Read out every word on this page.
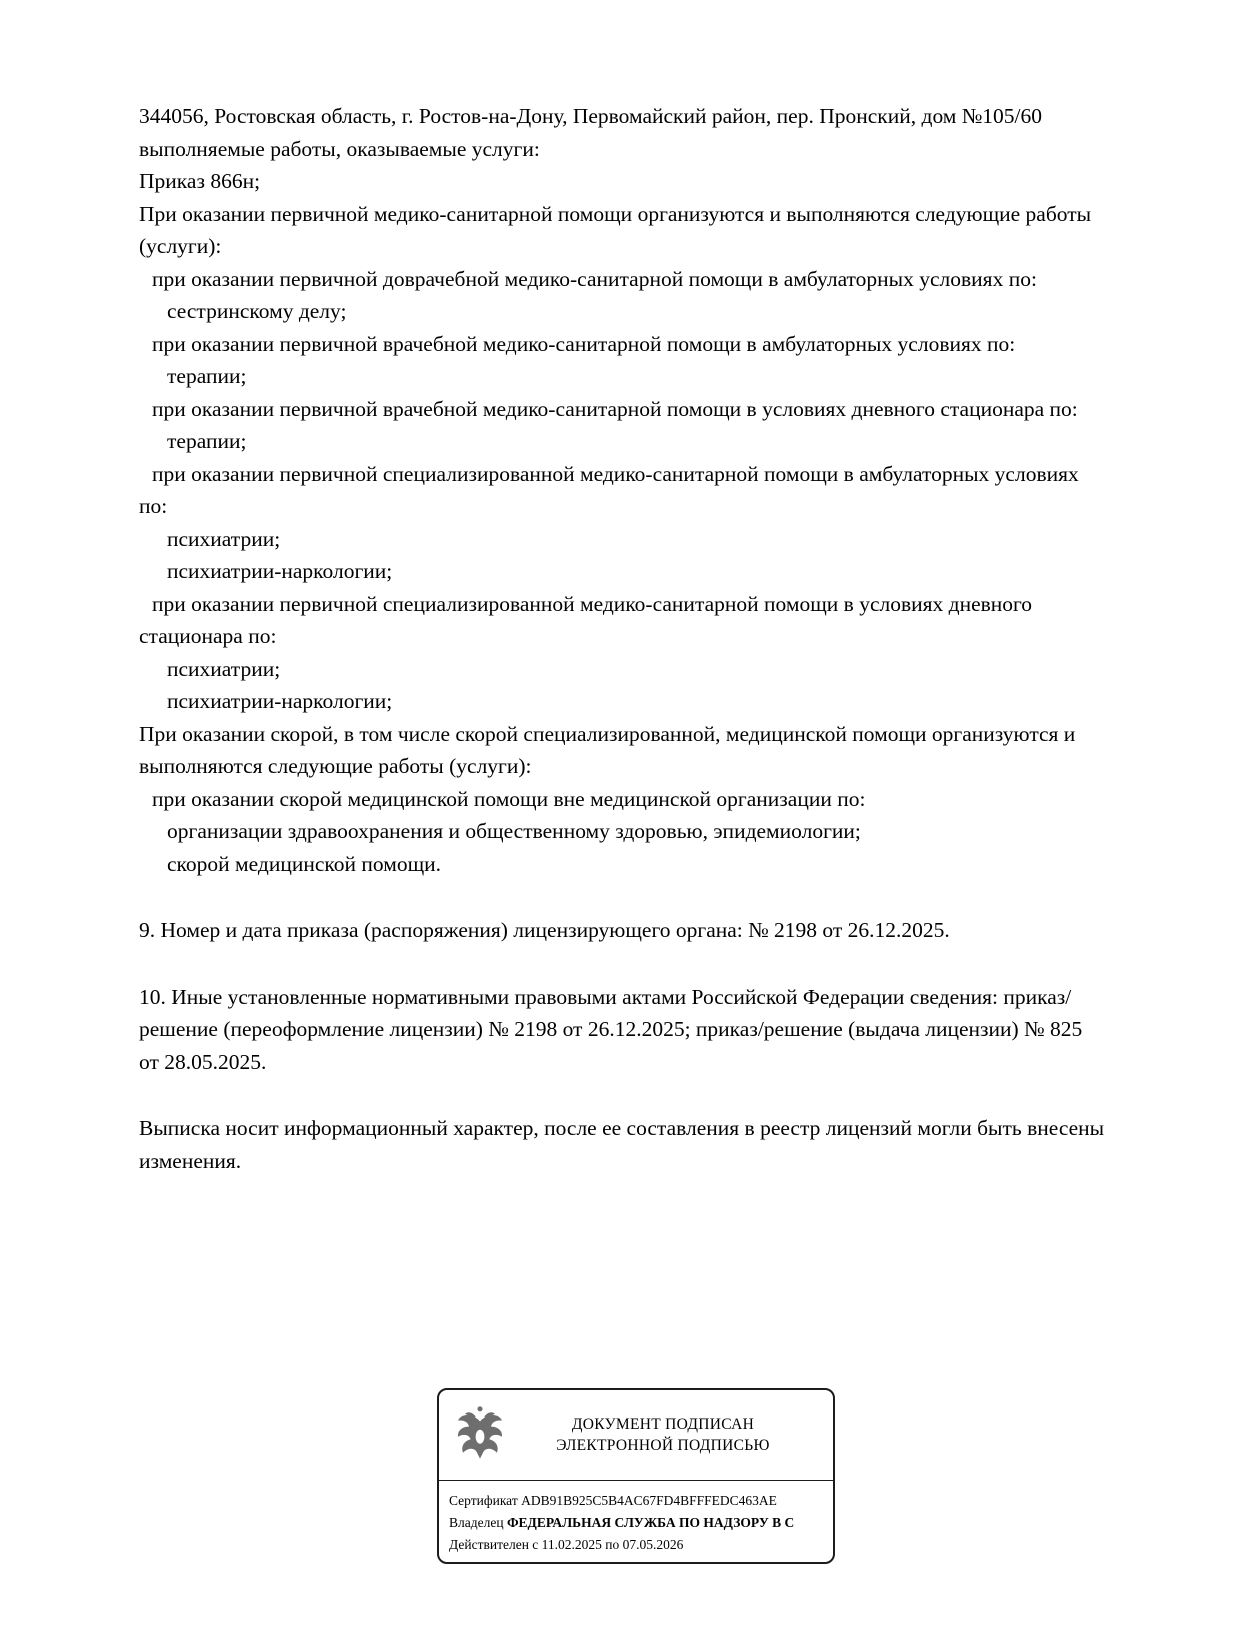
344056, Ростовская область, г. Ростов-на-Дону, Первомайский район, пер. Пронский, дом №105/60
выполняемые работы, оказываемые услуги:
Приказ 866н;
При оказании первичной медико-санитарной помощи организуются и выполняются следующие работы (услуги):
при оказании первичной доврачебной медико-санитарной помощи в амбулаторных условиях по:
сестринскому делу;
при оказании первичной врачебной медико-санитарной помощи в амбулаторных условиях по:
терапии;
при оказании первичной врачебной медико-санитарной помощи в условиях дневного стационара по:
терапии;
при оказании первичной специализированной медико-санитарной помощи в амбулаторных условиях по:
психиатрии;
психиатрии-наркологии;
при оказании первичной специализированной медико-санитарной помощи в условиях дневного стационара по:
психиатрии;
психиатрии-наркологии;
При оказании скорой, в том числе скорой специализированной, медицинской помощи организуются и выполняются следующие работы (услуги):
при оказании скорой медицинской помощи вне медицинской организации по:
организации здравоохранения и общественному здоровью, эпидемиологии;
скорой медицинской помощи.

9. Номер и дата приказа (распоряжения) лицензирующего органа: № 2198 от 26.12.2025.

10. Иные установленные нормативными правовыми актами Российской Федерации сведения: приказ/решение (переоформление лицензии) № 2198 от 26.12.2025; приказ/решение (выдача лицензии) № 825 от 28.05.2025.

Выписка носит информационный характер, после ее составления в реестр лицензий могли быть внесены изменения.

ДОКУМЕНТ ПОДПИСАН
ЭЛЕКТРОННОЙ ПОДПИСЬЮ
Сертификат ADB91B925C5B4AC67FD4BFFFEDC463AE
Владелец ФЕДЕРАЛЬНАЯ СЛУЖБА ПО НАДЗОРУ В С
Действителен с 11.02.2025 по 07.05.2026
